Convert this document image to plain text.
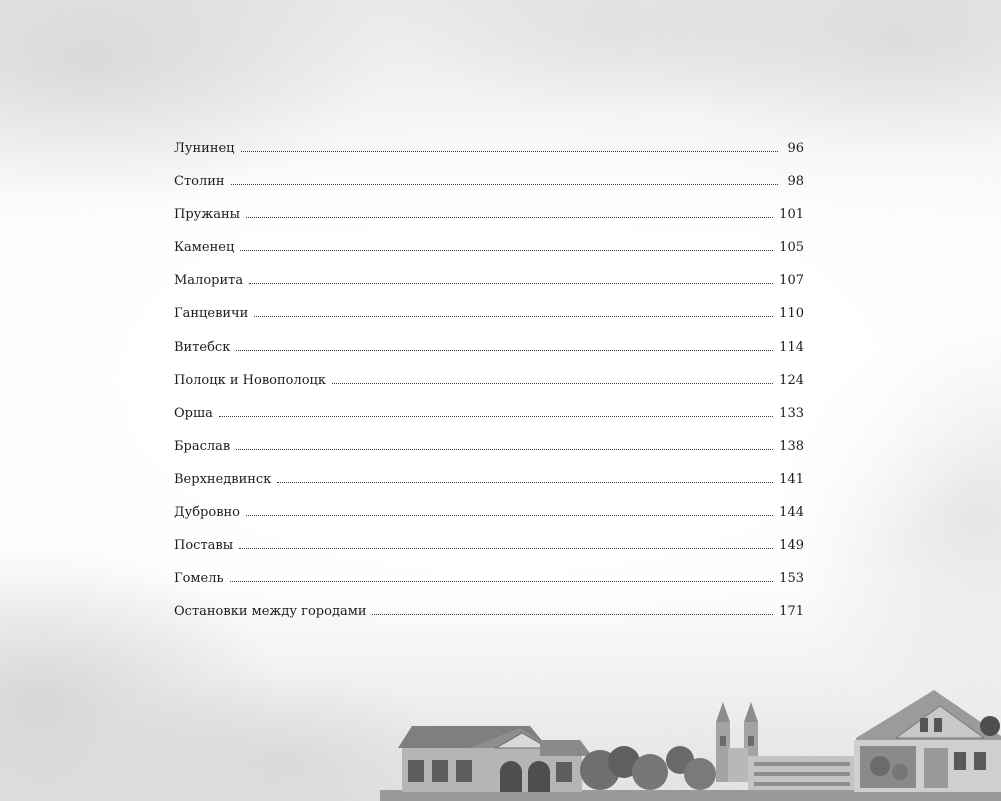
Лунинец	96
Столин	98
Пружаны	101
Каменец	105
Малорита	107
Ганцевичи	110
Витебск	114
Полоцк и Новополоцк	124
Орша	133
Браслав	138
Верхнедвинск	141
Дубровно	144
Поставы	149
Гомель	153
Остановки между городами	171
